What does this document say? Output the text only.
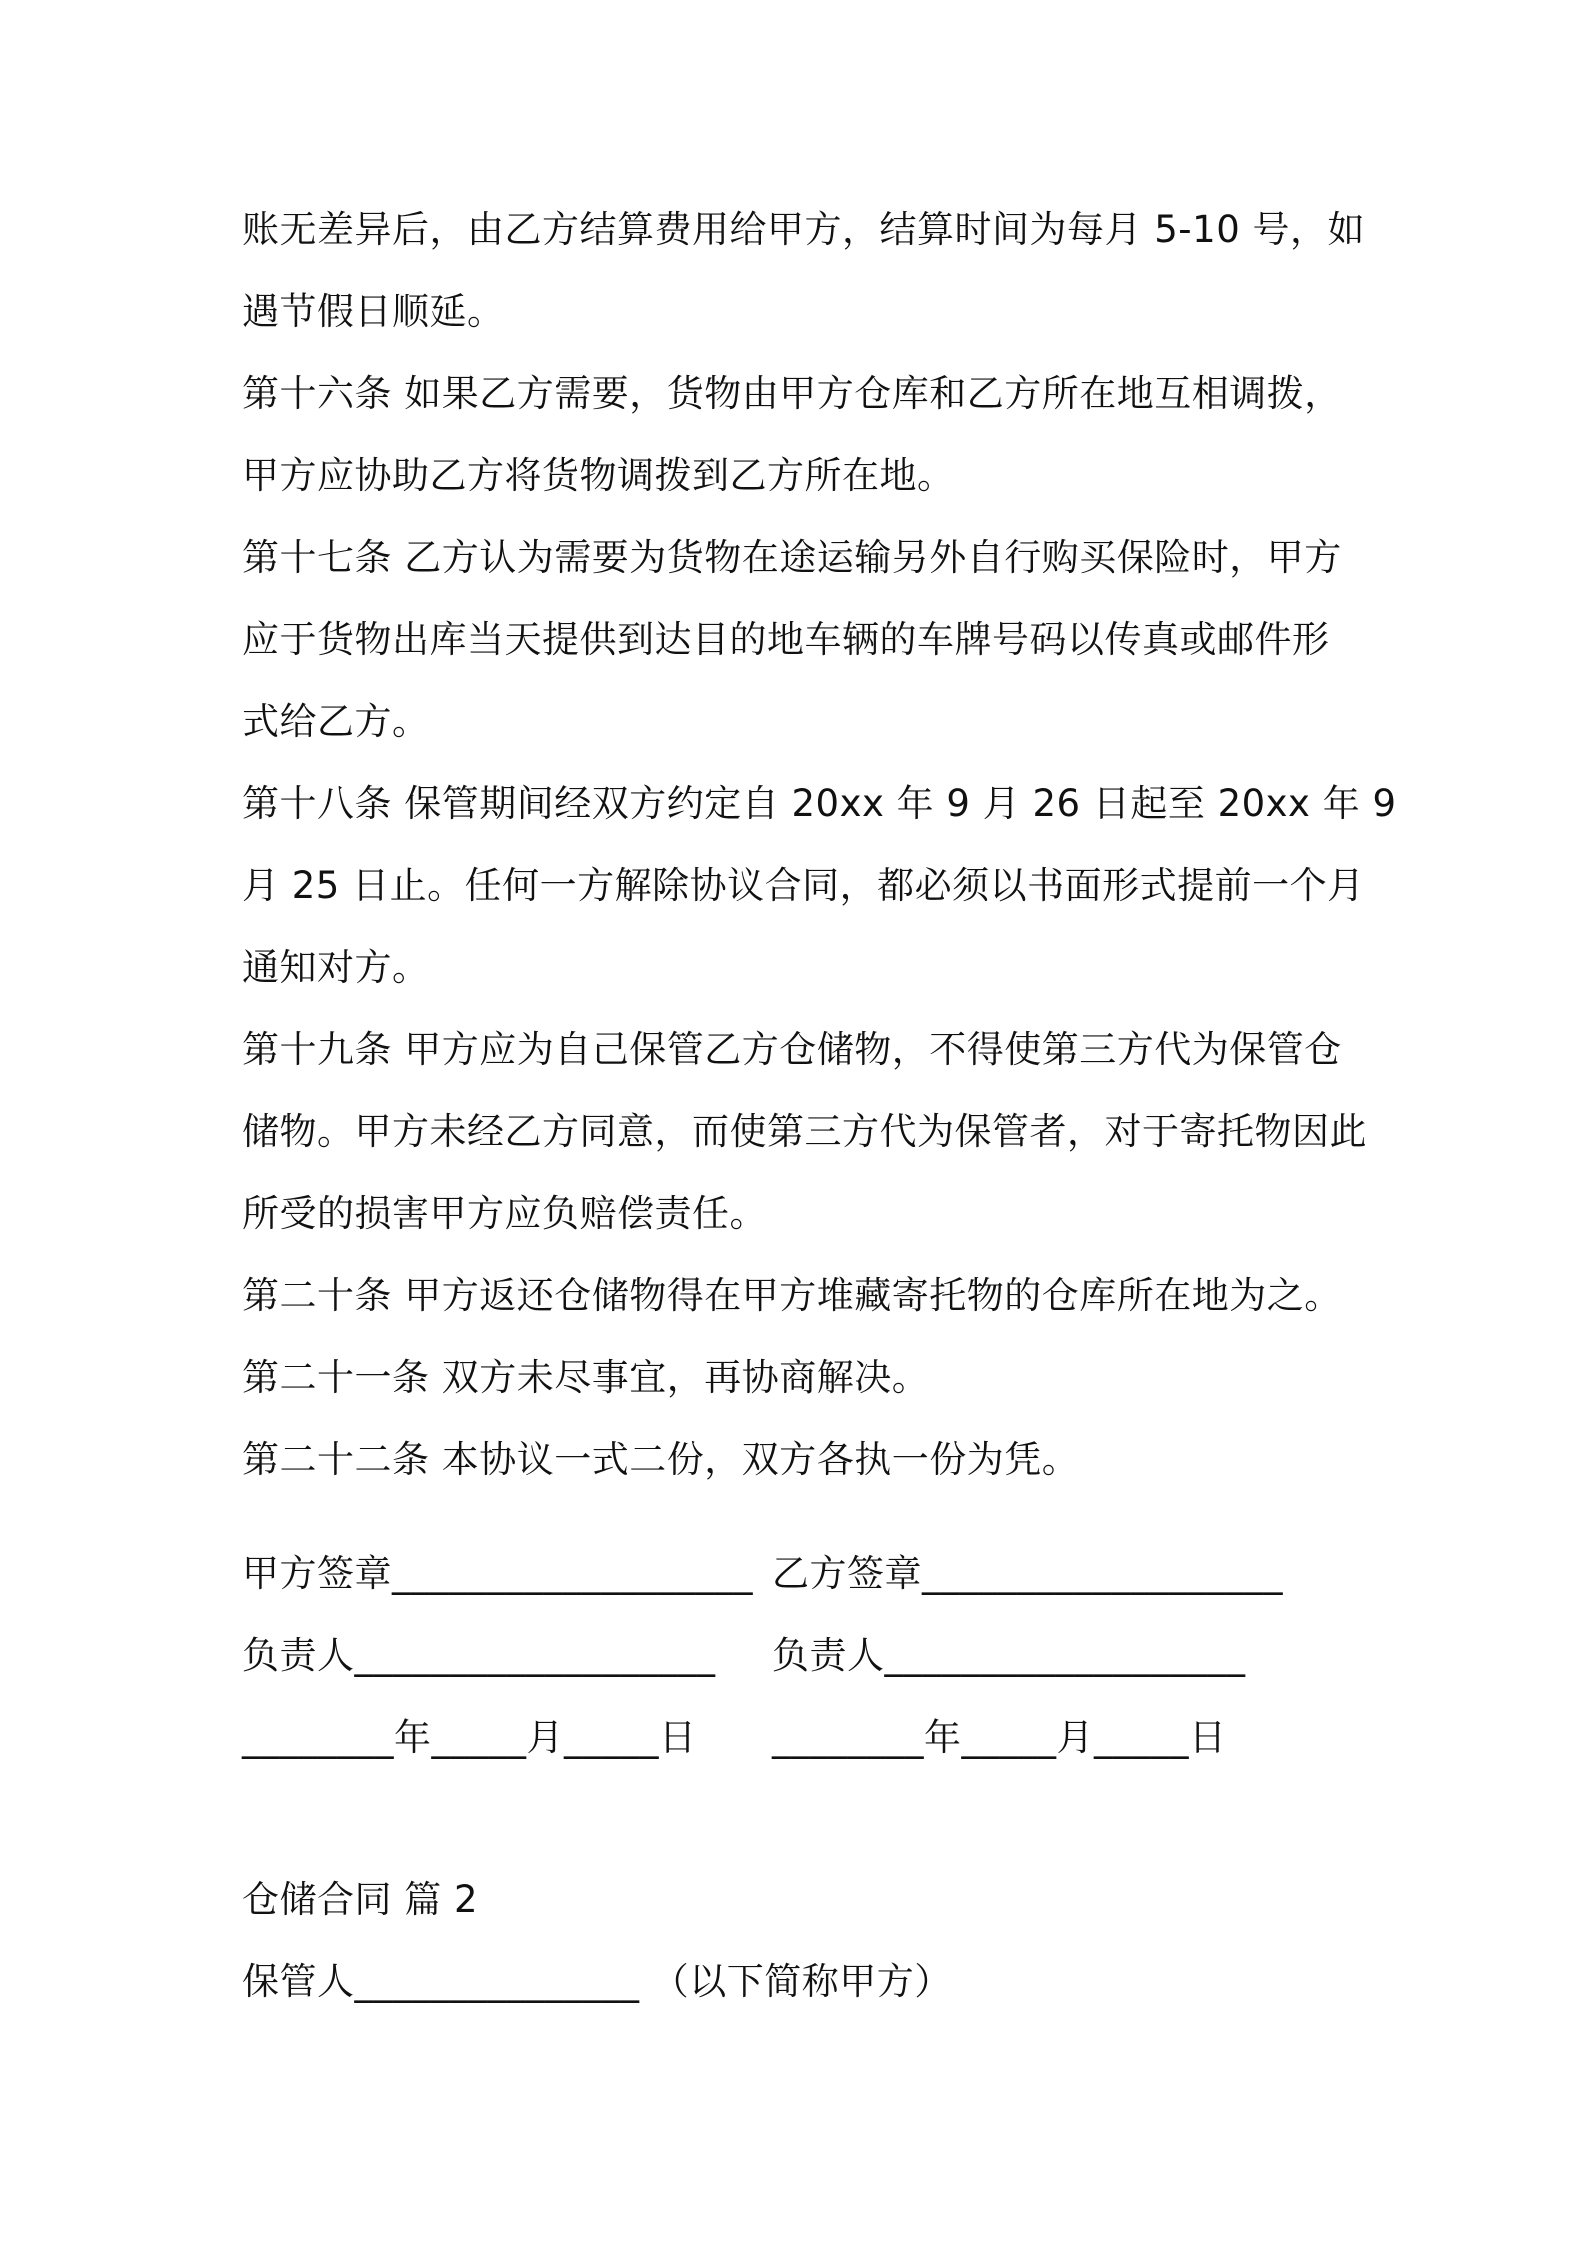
账无差异后，由乙方结算费用给甲方，结算时间为每月 5-10 号，如
遇节假日顺延。
第十六条 如果乙方需要，货物由甲方仓库和乙方所在地互相调拨，
甲方应协助乙方将货物调拨到乙方所在地。
第十七条 乙方认为需要为货物在途运输另外自行购买保险时，甲方
应于货物出库当天提供到达目的地车辆的车牌号码以传真或邮件形
式给乙方。
第十八条 保管期间经双方约定自 20xx 年 9 月 26 日起至 20xx 年 9
月 25 日止。任何一方解除协议合同，都必须以书面形式提前一个月
通知对方。
第十九条 甲方应为自己保管乙方仓储物，不得使第三方代为保管仓
储物。甲方未经乙方同意，而使第三方代为保管者，对于寄托物因此
所受的损害甲方应负赔偿责任。
第二十条 甲方返还仓储物得在甲方堆藏寄托物的仓库所在地为之。
第二十一条 双方未尽事宜，再协商解决。
第二十二条 本协议一式二份，双方各执一份为凭。
甲方签章___________________ 乙方签章___________________
负责人___________________ 负责人___________________
________年_____月_____日 ________年_____月_____日
仓储合同 篇 2
保管人_______________ （以下简称甲方）
